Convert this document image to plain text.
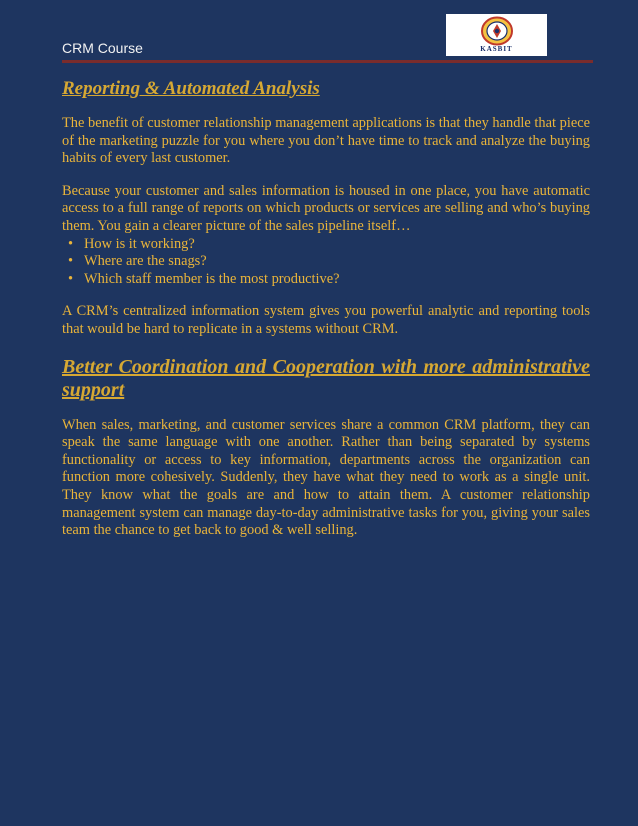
CRM Course	KASBIT
Reporting & Automated Analysis

The benefit of customer relationship management applications is that they handle that piece of the marketing puzzle for you where you don’t have time to track and analyze the buying habits of every last customer.

Because your customer and sales information is housed in one place, you have automatic access to a full range of reports on which products or services are selling and who’s buying them. You gain a clearer picture of the sales pipeline itself…

• How is it working?
• Where are the snags?
• Which staff member is the most productive?

A CRM’s centralized information system gives you powerful analytic and reporting tools that would be hard to replicate in a systems without CRM.

Better Coordination and Cooperation with more administrative support

When sales, marketing, and customer services share a common CRM platform, they can speak the same language with one another. Rather than being separated by systems functionality or access to key information, departments across the organization can function more cohesively. Suddenly, they have what they need to work as a single unit. They know what the goals are and how to attain them. A customer relationship management system can manage day-to-day administrative tasks for you, giving your sales team the chance to get back to good & well selling.
